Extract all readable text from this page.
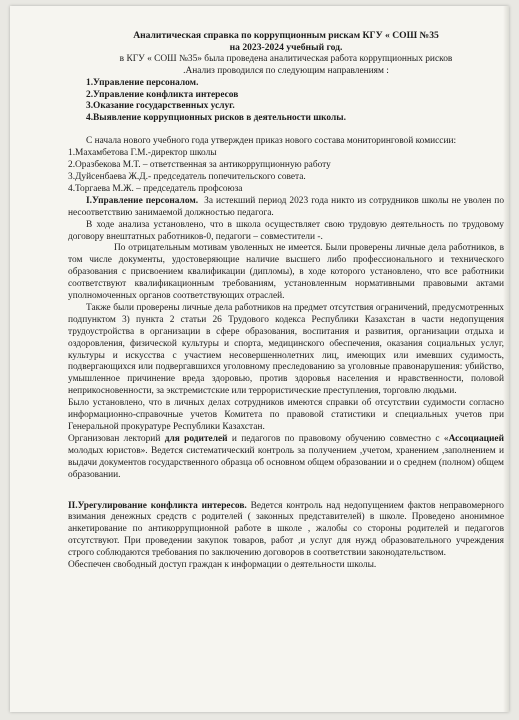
Аналитическая справка по коррупционным рискам КГУ « СОШ №35

на 2023-2024 учебный год.

в КГУ « СОШ №35» была проведена аналитическая работа коррупционных рисков

.Анализ проводился по следующим направлениям :

1.Управление персоналом.

2.Управление конфликта интересов

3.Оказание государственных услуг.

4.Выявление коррупционных рисков в деятельности школы.

С начала нового учебного года утвержден приказ нового состава мониторинговой комиссии:

1.Махамбетова Г.М.-директор школы

2.Оразбекова М.Т. – ответственная за антикоррупционную работу

3.Дуйсенбаева Ж.Д.- председатель попечительского совета.

4.Торгаева М.Ж. – председатель профсоюза

I.Управление персоналом. За истекший период 2023 года никто из сотрудников школы не уволен по несоответствию занимаемой должностью педагога.

В ходе анализа установлено, что в школа осуществляет свою трудовую деятельность по трудовому договору внештатных работников-0, педагоги – совместители -.

По отрицательным мотивам уволенных не имеется. Были проверены личные дела работников, в том числе документы, удостоверяющие наличие высшего либо профессионального и технического образования с присвоением квалификации (дипломы), в ходе которого установлено, что все работники соответствуют квалификационным требованиям, установленным нормативными правовыми актами уполномоченных органов соответствующих отраслей.

Также были проверены личные дела работников на предмет отсутствия ограничений, предусмотренных подпунктом 3) пункта 2 статьи 26 Трудового кодекса Республики Казахстан в части недопущения трудоустройства в организации в сфере образования, воспитания и развития, организации отдыха и оздоровления, физической культуры и спорта, медицинского обеспечения, оказания социальных услуг, культуры и искусства с участием несовершеннолетних лиц, имеющих или имевших судимость, подвергающихся или подвергавшихся уголовному преследованию за уголовные правонарушения: убийство, умышленное причинение вреда здоровью, против здоровья населения и нравственности, половой неприкосновенности, за экстремистские или террористические преступления, торговлю людьми.

Было установлено, что в личных делах сотрудников имеются справки об отсутствии судимости согласно информационно-справочные учетов Комитета по правовой статистики и специальных учетов при Генеральной прокуратуре Республики Казахстан.

Организован лекторий для родителей и педагогов по правовому обучению совместно с «Ассоциацией молодых юристов». Ведется систематический контроль за получением ,учетом, хранением ,заполнением и выдачи документов государственного образца об основном общем образовании и о среднем (полном) общем образовании.

II.Урегулирование конфликта интересов. Ведется контроль над недопущением фактов неправомерного взимания денежных средств с родителей ( законных представителей) в школе. Проведено анонимное анкетирование по антикоррупционной работе в школе , жалобы со стороны родителей и педагогов отсутствуют. При проведении закупок товаров, работ ,и услуг для нужд образовательного учреждения строго соблюдаются требования по заключению договоров в соответствии законодательством.

Обеспечен свободный доступ граждан к информации о деятельности школы.
